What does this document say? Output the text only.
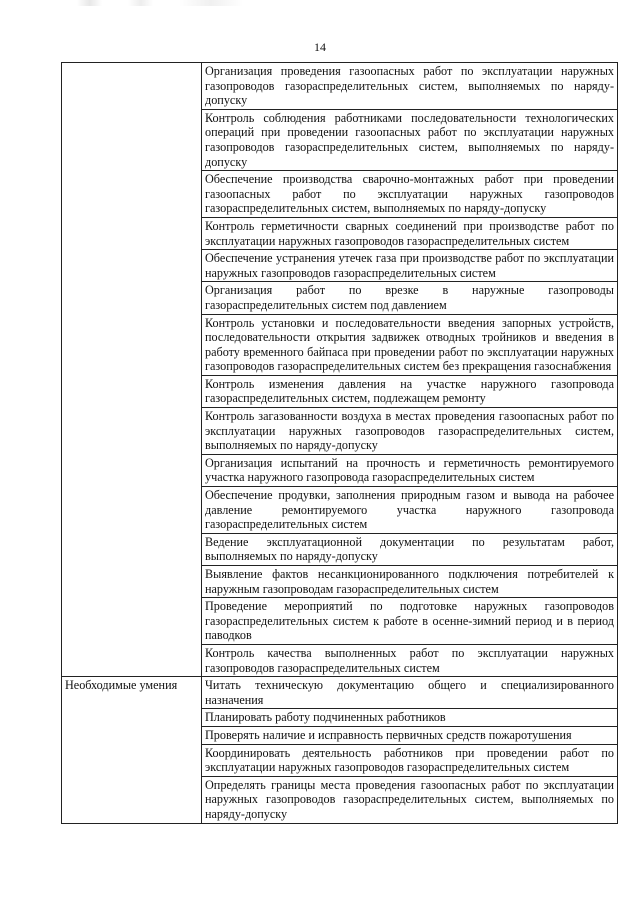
14
	Организация проведения газоопасных работ по эксплуатации наружных газопроводов газораспределительных систем, выполняемых по наряду-допуску
	Контроль соблюдения работниками последовательности технологических операций при проведении газоопасных работ по эксплуатации наружных газопроводов газораспределительных систем, выполняемых по наряду-допуску
	Обеспечение производства сварочно-монтажных работ при проведении газоопасных работ по эксплуатации наружных газопроводов газораспределительных систем, выполняемых по наряду-допуску
	Контроль герметичности сварных соединений при производстве работ по эксплуатации наружных газопроводов газораспределительных систем
	Обеспечение устранения утечек газа при производстве работ по эксплуатации наружных газопроводов газораспределительных систем
	Организация работ по врезке в наружные газопроводы газораспределительных систем под давлением
	Контроль установки и последовательности введения запорных устройств, последовательности открытия задвижек отводных тройников и введения в работу временного байпаса при проведении работ по эксплуатации наружных газопроводов газораспределительных систем без прекращения газоснабжения
	Контроль изменения давления на участке наружного газопровода газораспределительных систем, подлежащем ремонту
	Контроль загазованности воздуха в местах проведения газоопасных работ по эксплуатации наружных газопроводов газораспределительных систем, выполняемых по наряду-допуску
	Организация испытаний на прочность и герметичность ремонтируемого участка наружного газопровода газораспределительных систем
	Обеспечение продувки, заполнения природным газом и вывода на рабочее давление ремонтируемого участка наружного газопровода газораспределительных систем
	Ведение эксплуатационной документации по результатам работ, выполняемых по наряду-допуску
	Выявление фактов несанкционированного подключения потребителей к наружным газопроводам газораспределительных систем
	Проведение мероприятий по подготовке наружных газопроводов газораспределительных систем к работе в осенне-зимний период и в период паводков
	Контроль качества выполненных работ по эксплуатации наружных газопроводов газораспределительных систем
Необходимые умения	Читать техническую документацию общего и специализированного назначения
	Планировать работу подчиненных работников
	Проверять наличие и исправность первичных средств пожаротушения
	Координировать деятельность работников при проведении работ по эксплуатации наружных газопроводов газораспределительных систем
	Определять границы места проведения газоопасных работ по эксплуатации наружных газопроводов газораспределительных систем, выполняемых по наряду-допуску
